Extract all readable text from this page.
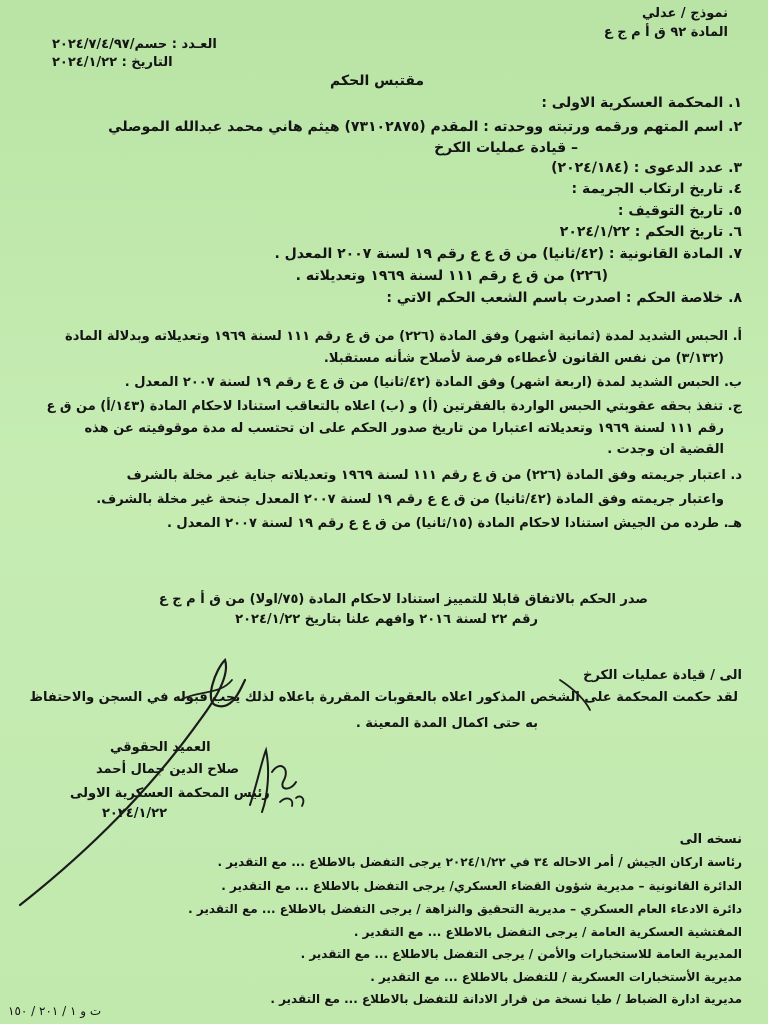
نموذج / عدلي
المادة ٩٢ ق أ م ج ع
العـدد : حسم/٢٠٢٤/٧/٤/٩٧
التاريخ : ٢٠٢٤/١/٢٢
مقتبس الحكم
١. المحكمة العسكرية الاولى :
٢. اسم المتهم ورقمه ورتبته ووحدته : المقدم (٧٣١٠٢٨٧٥) هيثم هاني محمد عبدالله الموصلي
– قيادة عمليات الكرخ
٣. عدد الدعوى : (٢٠٢٤/١٨٤)
٤. تاريخ ارتكاب الجريمة :
٥. تاريخ التوقيف :
٦. تاريخ الحكم : ٢٠٢٤/١/٢٢
٧. المادة القانونية : (٤٢/ثانيا) من ق ع ع رقم ١٩ لسنة ٢٠٠٧ المعدل .
(٢٢٦) من ق ع رقم ١١١ لسنة ١٩٦٩ وتعديلاته .
٨. خلاصة الحكم : اصدرت باسم الشعب الحكم الاتي :
أ. الحبس الشديد لمدة (ثمانية اشهر) وفق المادة (٢٢٦) من ق ع رقم ١١١ لسنة ١٩٦٩ وتعديلاته وبدلالة المادة
(٣/١٣٢) من نفس القانون لأعطاءه فرصة لأصلاح شأنه مستقبلا.
ب. الحبس الشديد لمدة (اربعة اشهر) وفق المادة (٤٢/ثانيا) من ق ع ع رقم ١٩ لسنة ٢٠٠٧ المعدل .
ج. تنفذ بحقه عقوبتي الحبس الواردة بالفقرتين (أ) و (ب) اعلاه بالتعاقب استنادا لاحكام المادة (١٤٣/أ) من ق ع
رقم ١١١ لسنة ١٩٦٩ وتعديلاته اعتبارا من تاريخ صدور الحكم على ان تحتسب له مدة موقوفيته عن هذه
القضية ان وجدت .
د. اعتبار جريمته وفق المادة (٢٢٦) من ق ع رقم ١١١ لسنة ١٩٦٩ وتعديلاته جناية غير مخلة بالشرف
واعتبار جريمته وفق المادة (٤٢/ثانيا) من ق ع ع رقم ١٩ لسنة ٢٠٠٧ المعدل جنحة غير مخلة بالشرف.
هـ. طرده من الجيش استنادا لاحكام المادة (١٥/ثانيا) من ق ع ع رقم ١٩ لسنة ٢٠٠٧ المعدل .
صدر الحكم بالاتفاق قابلا للتمييز استنادا لاحكام المادة (٧٥/اولا) من ق أ م ج ع
رقم ٢٢ لسنة ٢٠١٦ وافهم علنا بتاريخ ٢٠٢٤/١/٢٢
الى / قيادة عمليات الكرخ
لقد حكمت المحكمة على الشخص المذكور اعلاه بالعقوبات المقررة باعلاه لذلك يجب قبوله في السجن والاحتفاظ
به حتى اكمال المدة المعينة .
العميد الحقوقي
صلاح الدين جمال أحمد
رئيس المحكمة العسكرية الاولى
٢٠٢٤/١/٢٢
نسخه الى
رئاسة اركان الجيش / أمر الاحاله ٣٤ في ٢٠٢٤/١/٢٢ يرجى التفضل بالاطلاع ... مع التقدير .
الدائرة القانونية – مديرية شؤون القضاء العسكري/ يرجى التفضل بالاطلاع ... مع التقدير .
دائرة الادعاء العام العسكري – مديرية التحقيق والنزاهة / يرجى التفضل بالاطلاع ... مع التقدير .
المفتشية العسكرية العامة / يرجى التفضل بالاطلاع ... مع التقدير .
المديرية العامة للاستخبارات والأمن / يرجى التفضل بالاطلاع ... مع التقدير .
مديرية الأستخبارات العسكرية / للتفضل بالاطلاع ... مع التقدير .
مديرية ادارة الضباط / طيا نسخة من قرار الادانة للتفضل بالاطلاع ... مع التقدير .
ت و ١ / ٢٠١ / ١٥٠
